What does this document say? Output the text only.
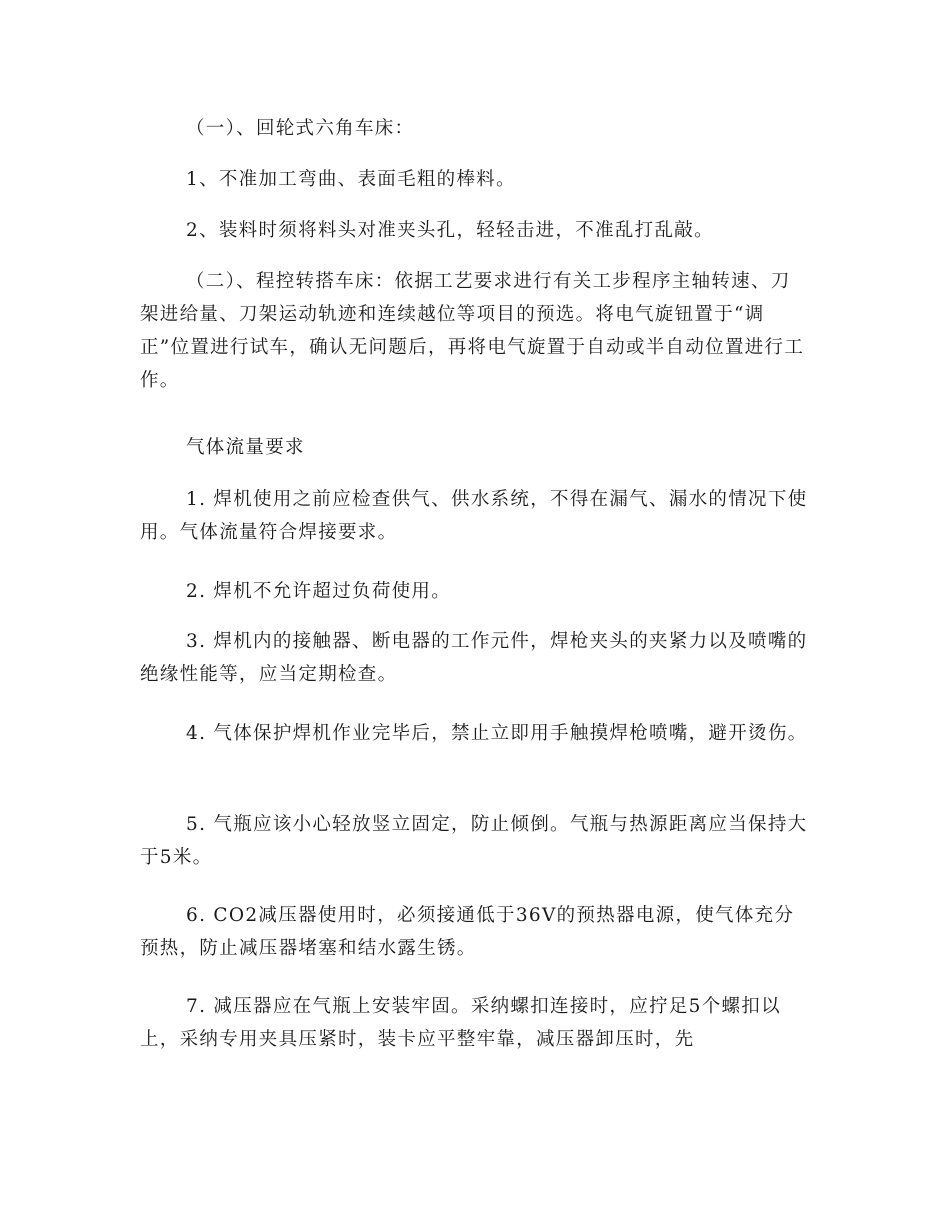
（一）、回轮式六角车床：

1、不准加工弯曲、表面毛粗的棒料。

2、装料时须将料头对准夹头孔，轻轻击进，不准乱打乱敲。

（二）、程控转搭车床：依据工艺要求进行有关工步程序主轴转速、刀架进给量、刀架运动轨迹和连续越位等项目的预选。将电气旋钮置于“调正”位置进行试车，确认无问题后，再将电气旋置于自动或半自动位置进行工作。

气体流量要求

1. 焊机使用之前应检查供气、供水系统，不得在漏气、漏水的情况下使用。气体流量符合焊接要求。

2. 焊机不允许超过负荷使用。

3. 焊机内的接触器、断电器的工作元件，焊枪夹头的夹紧力以及喷嘴的绝缘性能等，应当定期检查。

4. 气体保护焊机作业完毕后，禁止立即用手触摸焊枪喷嘴，避开烫伤。

5. 气瓶应该小心轻放竖立固定，防止倾倒。气瓶与热源距离应当保持大于5米。

6. CO2减压器使用时，必须接通低于36V的预热器电源，使气体充分预热，防止减压器堵塞和结水露生锈。

7. 减压器应在气瓶上安装牢固。采纳螺扣连接时，应拧足5个螺扣以上，采纳专用夹具压紧时，装卡应平整牢靠，减压器卸压时，先
